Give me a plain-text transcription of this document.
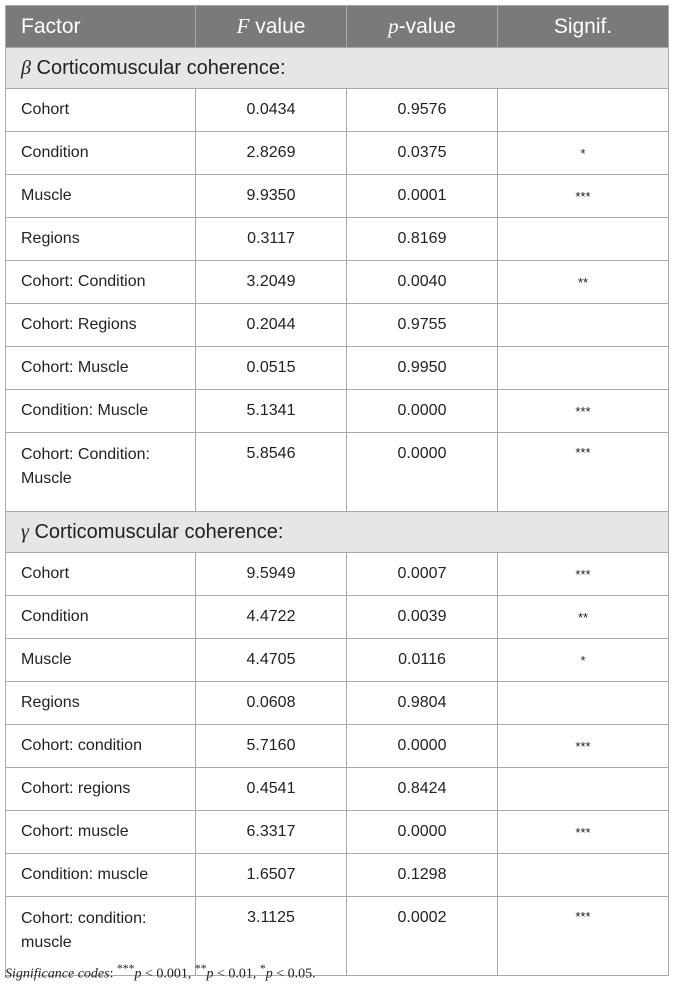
Factor	F value	p-value	Signif.
β Corticomuscular coherence:			
Cohort	0.0434	0.9576	
Condition	2.8269	0.0375	*
Muscle	9.9350	0.0001	***
Regions	0.3117	0.8169	
Cohort: Condition	3.2049	0.0040	**
Cohort: Regions	0.2044	0.9755	
Cohort: Muscle	0.0515	0.9950	
Condition: Muscle	5.1341	0.0000	***

Cohort: Condition:
Muscle	5.8546	0.0000	***
γ Corticomuscular coherence:			
Cohort	9.5949	0.0007	***
Condition	4.4722	0.0039	**
Muscle	4.4705	0.0116	*
Regions	0.0608	0.9804	
Cohort: condition	5.7160	0.0000	***
Cohort: regions	0.4541	0.8424	
Cohort: muscle	6.3317	0.0000	***
Condition: muscle	1.6507	0.1298	

Cohort: condition:
muscle	3.1125	0.0002	***
Significance codes: ***p < 0.001, **p < 0.01, *p < 0.05.
